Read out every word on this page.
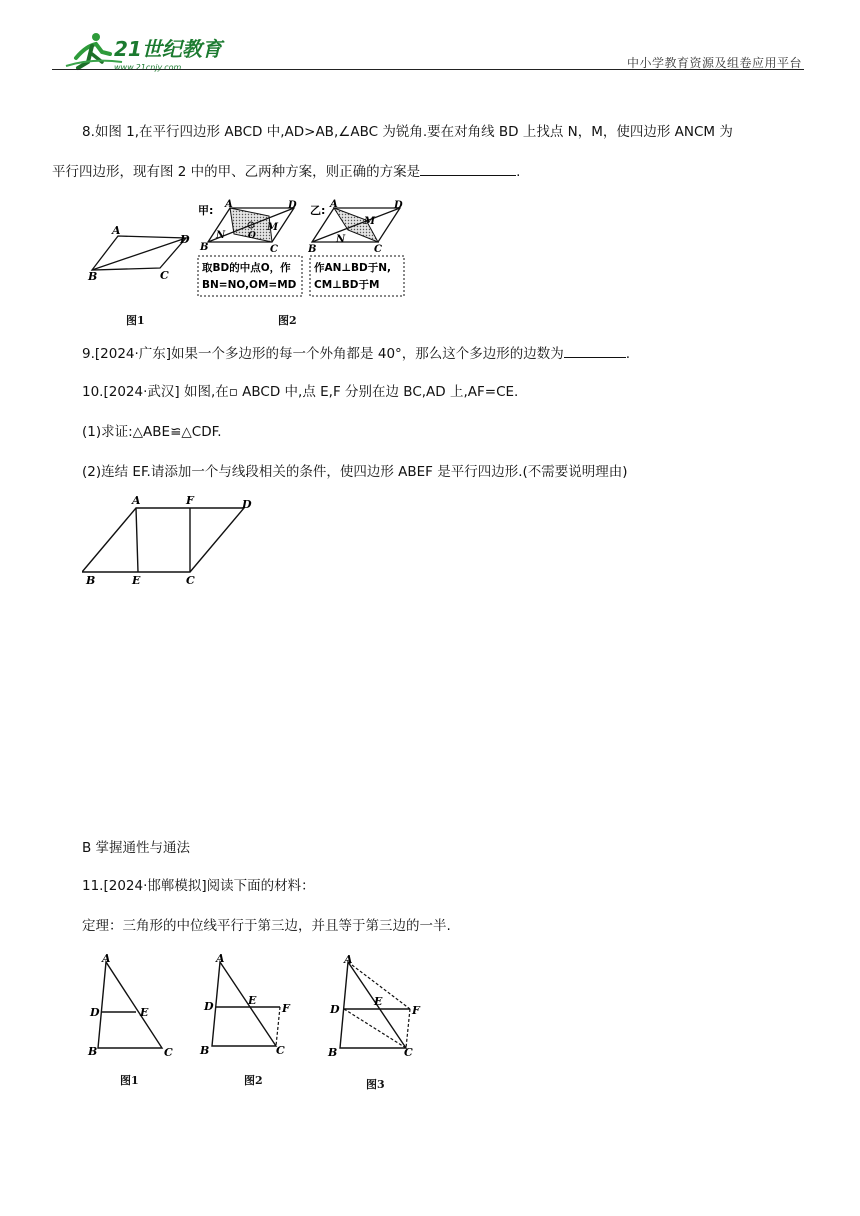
21世纪教育
www.21cnjy.com	中小学教育资源及组卷应用平台
8.如图 1,在平行四边形 ABCD 中,AD>AB,∠ABC 为锐角.要在对角线 BD 上找点 N，M，使四边形 ANCM 为
平行四边形，现有图 2 中的甲、乙两种方案，则正确的方案是	.
A
D
B	C
图1
甲: A	D
B	C
N
M
O
取BD的中点O，作
BN=NO,OM=MD
乙: A	D
B	C
N
M
作AN⊥BD于N,
CM⊥BD于M
图2
9.[2024·广东]如果一个多边形的每一个外角都是 40°，那么这个多边形的边数为	.
10.[2024·武汉] 如图,在▫ ABCD 中,点 E,F 分别在边 BC,AD 上,AF=CE.
(1)求证:△ABE≌△CDF.
(2)连结 EF.请添加一个与线段相关的条件，使四边形 ABEF 是平行四边形.(不需要说明理由)
A	F	D
B	E	C
B 掌握通性与通法
11.[2024·邯郸模拟]阅读下面的材料：
定理：三角形的中位线平行于第三边，并且等于第三边的一半.
A
D	E
B	C
图1
A
D	E
F
B	C
图2
A
D
E
F
B	C
图3
